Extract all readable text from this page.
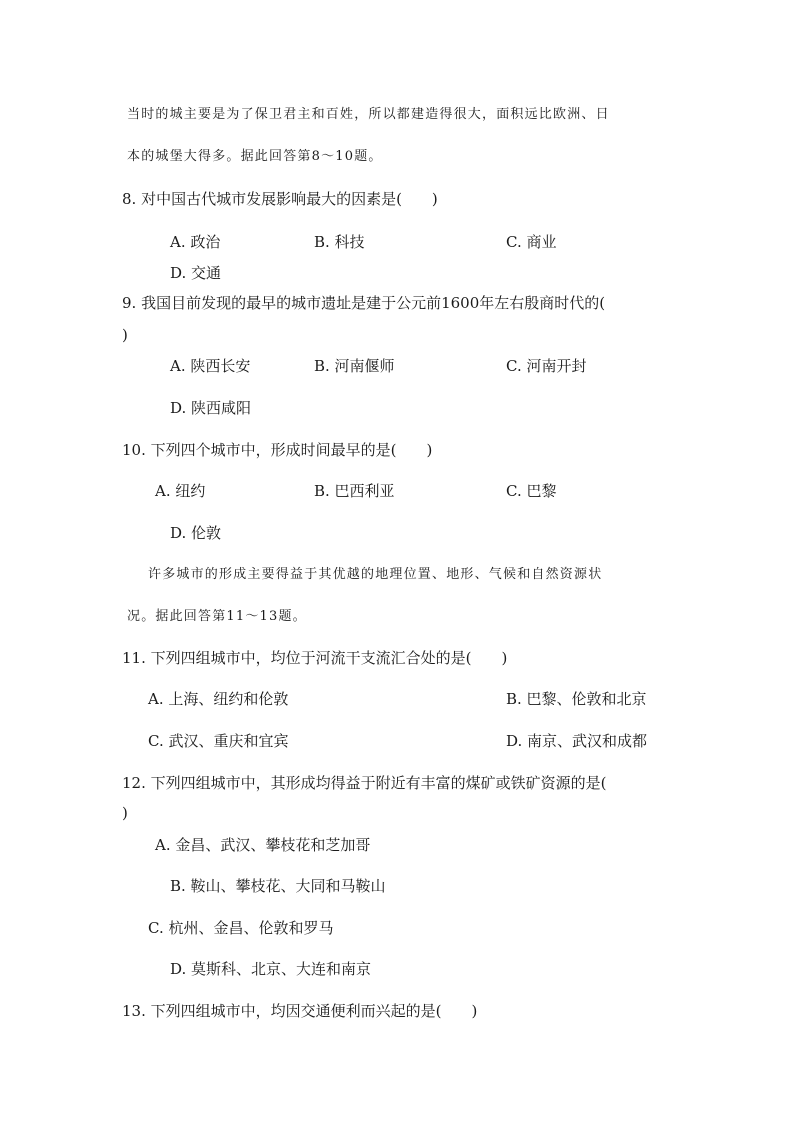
当时的城主要是为了保卫君主和百姓，所以都建造得很大，面积远比欧洲、日
本的城堡大得多。据此回答第8～10题。
8. 对中国古代城市发展影响最大的因素是(　　)
A. 政治	B. 科技	C. 商业
D. 交通
9. 我国目前发现的最早的城市遗址是建于公元前1600年左右殷商时代的(
)
A. 陕西长安	B. 河南偃师	C. 河南开封
D. 陕西咸阳
10. 下列四个城市中，形成时间最早的是(　　)
A. 纽约	B. 巴西利亚	C. 巴黎
D. 伦敦
许多城市的形成主要得益于其优越的地理位置、地形、气候和自然资源状
况。据此回答第11～13题。
11. 下列四组城市中，均位于河流干支流汇合处的是(　　)
A. 上海、纽约和伦敦	B. 巴黎、伦敦和北京
C. 武汉、重庆和宜宾	D. 南京、武汉和成都
12. 下列四组城市中，其形成均得益于附近有丰富的煤矿或铁矿资源的是(
)
A. 金昌、武汉、攀枝花和芝加哥
B. 鞍山、攀枝花、大同和马鞍山
C. 杭州、金昌、伦敦和罗马
D. 莫斯科、北京、大连和南京
13. 下列四组城市中，均因交通便利而兴起的是(　　)
